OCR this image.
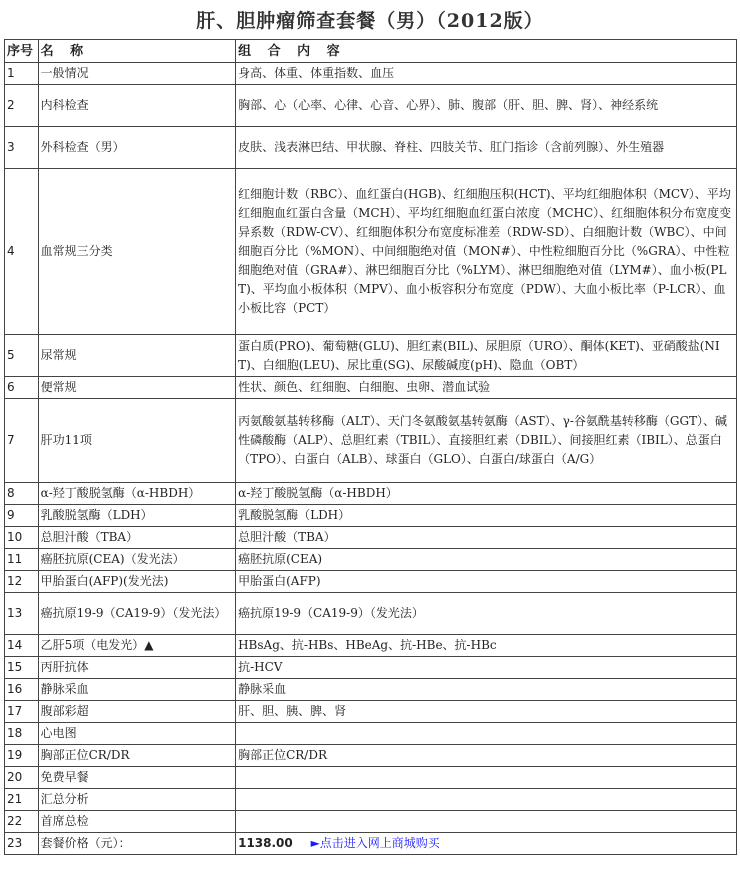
肝、胆肿瘤筛查套餐（男）（2012版）
序号	名 称	组 合 内 容
1	一般情况	身高、体重、体重指数、血压
2	内科检查	胸部、心（心率、心律、心音、心界）、肺、腹部（肝、胆、脾、肾）、神经系统
3	外科检查（男）	皮肤、浅表淋巴结、甲状腺、脊柱、四肢关节、肛门指诊（含前列腺）、外生殖器
4	血常规三分类	红细胞计数（RBC）、血红蛋白(HGB)、红细胞压积(HCT)、平均红细胞体积（MCV）、平均红细胞血红蛋白含量（MCH）、平均红细胞血红蛋白浓度（MCHC）、红细胞体积分布宽度变异系数（RDW-CV）、红细胞体积分布宽度标准差（RDW-SD）、白细胞计数（WBC）、中间细胞百分比（%MON）、中间细胞绝对值（MON#）、中性粒细胞百分比（%GRA）、中性粒细胞绝对值（GRA#）、淋巴细胞百分比（%LYM）、淋巴细胞绝对值（LYM#）、血小板(PLT)、平均血小板体积（MPV）、血小板容积分布宽度（PDW）、大血小板比率（P-LCR）、血小板比容（PCT）
5	尿常规	蛋白质(PRO)、葡萄糖(GLU)、胆红素(BIL)、尿胆原（URO）、酮体(KET)、亚硝酸盐(NIT)、白细胞(LEU)、尿比重(SG)、尿酸碱度(pH)、隐血（OBT）
6	便常规	性状、颜色、红细胞、白细胞、虫卵、潜血试验
7	肝功11项	丙氨酸氨基转移酶（ALT）、天门冬氨酸氨基转氨酶（AST）、γ-谷氨酰基转移酶（GGT）、碱性磷酸酶（ALP）、总胆红素（TBIL）、直接胆红素（DBIL）、间接胆红素（IBIL）、总蛋白（TPO）、白蛋白（ALB）、球蛋白（GLO）、白蛋白/球蛋白（A/G）
8	α-羟丁酸脱氢酶（α-HBDH）	α-羟丁酸脱氢酶（α-HBDH）
9	乳酸脱氢酶（LDH）	乳酸脱氢酶（LDH）
10	总胆汁酸（TBA）	总胆汁酸（TBA）
11	癌胚抗原(CEA)（发光法）	癌胚抗原(CEA)
12	甲胎蛋白(AFP)(发光法)	甲胎蛋白(AFP)
13	癌抗原19-9（CA19-9）（发光法）	癌抗原19-9（CA19-9）（发光法）
14	乙肝5项（电发光）▲	HBsAg、抗-HBs、HBeAg、抗-HBe、抗-HBc
15	丙肝抗体	抗-HCV
16	静脉采血	静脉采血
17	腹部彩超	肝、胆、胰、脾、肾
18	心电图	
19	胸部正位CR/DR	胸部正位CR/DR
20	免费早餐	
21	汇总分析	
22	首席总检	
23	套餐价格（元）：	1138.00 ►点击进入网上商城购买
